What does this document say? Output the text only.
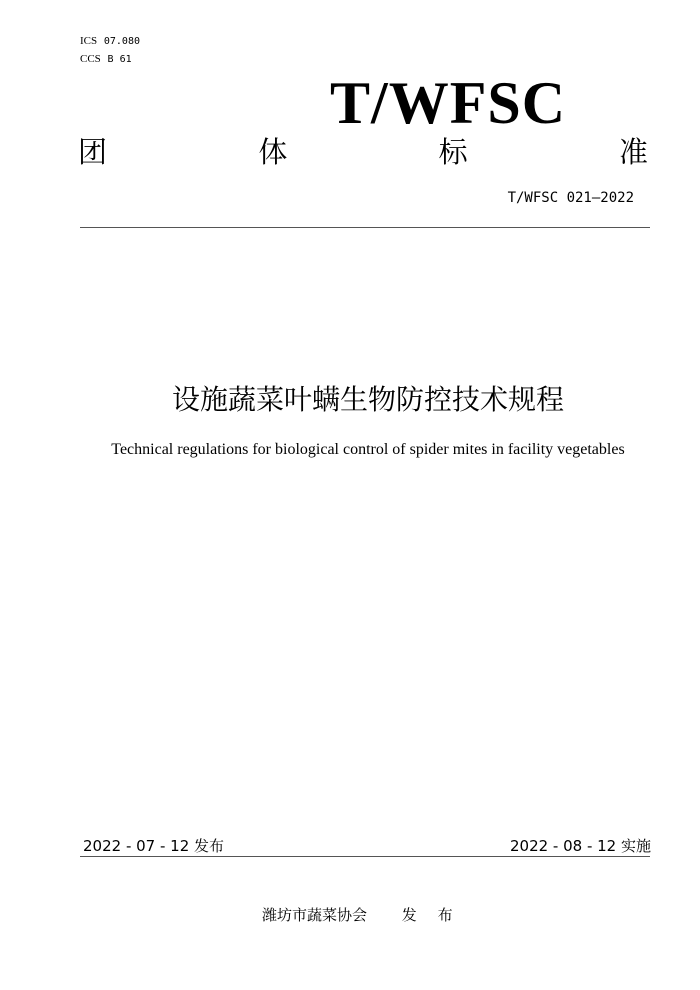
ICS 07.080
CCS B 61
T/WFSC
团	体	标	准
T/WFSC 021—2022
设施蔬菜叶螨生物防控技术规程
Technical regulations for biological control of spider mites in facility vegetables
2022 - 07 - 12 发布	2022 - 08 - 12 实施
潍坊市蔬菜协会 发 布
